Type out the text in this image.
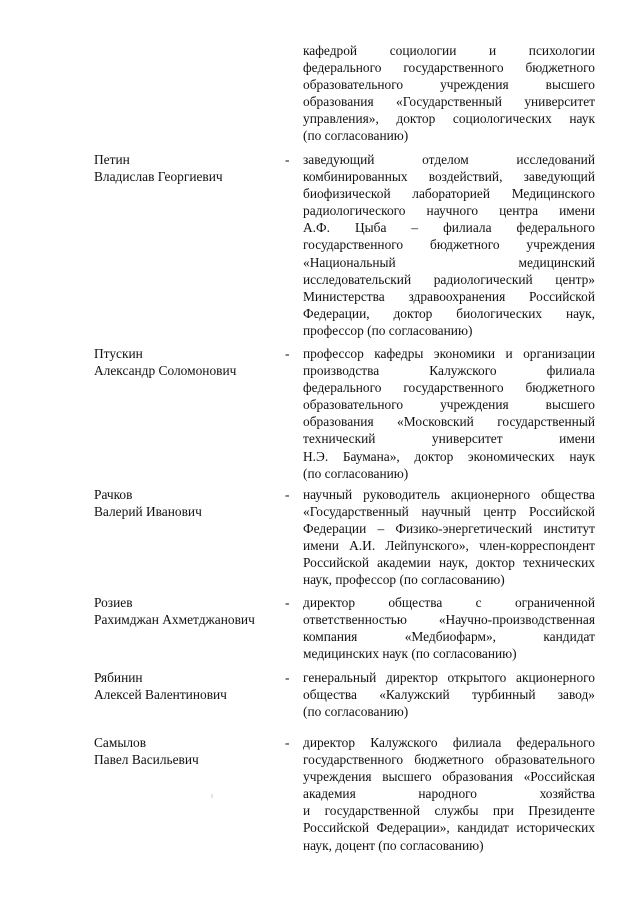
кафедрой социологии и психологии
федерального государственного бюджетного
образовательного учреждения высшего
образования «Государственный университет
управления», доктор социологических наук
(по согласованию)
Петин
Владислав Георгиевич
- заведующий отделом исследований
комбинированных воздействий, заведующий
биофизической лабораторией Медицинского
радиологического научного центра имени
А.Ф. Цыба – филиала федерального
государственного бюджетного учреждения
«Национальный медицинский
исследовательский радиологический центр»
Министерства здравоохранения Российской
Федерации, доктор биологических наук,
профессор (по согласованию)
Птускин
Александр Соломонович
- профессор кафедры экономики и организации
производства Калужского филиала
федерального государственного бюджетного
образовательного учреждения высшего
образования «Московский государственный
технический университет имени
Н.Э. Баумана», доктор экономических наук
(по согласованию)
Рачков
Валерий Иванович
- научный руководитель акционерного общества
«Государственный научный центр Российской
Федерации – Физико-энергетический институт
имени А.И. Лейпунского», член-корреспондент
Российской академии наук, доктор технических
наук, профессор (по согласованию)
Розиев
Рахимджан Ахметджанович
- директор общества с ограниченной
ответственностью «Научно-производственная
компания «Медбиофарм», кандидат
медицинских наук (по согласованию)
Рябинин
Алексей Валентинович
- генеральный директор открытого акционерного
общества «Калужский турбинный завод»
(по согласованию)
Самылов
Павел Васильевич
- директор Калужского филиала федерального
государственного бюджетного образовательного
учреждения высшего образования «Российская
академия народного хозяйства
и государственной службы при Президенте
Российской Федерации», кандидат исторических
наук, доцент (по согласованию)
꞉
